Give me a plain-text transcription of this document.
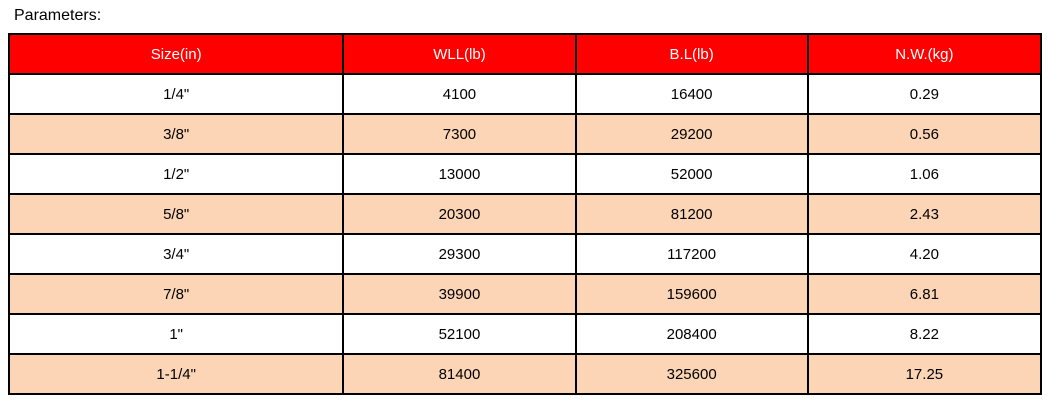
Parameters:
Size(in)	WLL(lb)	B.L(lb)	N.W.(kg)
1/4"	4100	16400	0.29
3/8"	7300	29200	0.56
1/2"	13000	52000	1.06
5/8"	20300	81200	2.43
3/4"	29300	117200	4.20
7/8"	39900	159600	6.81
1"	52100	208400	8.22
1-1/4"	81400	325600	17.25
